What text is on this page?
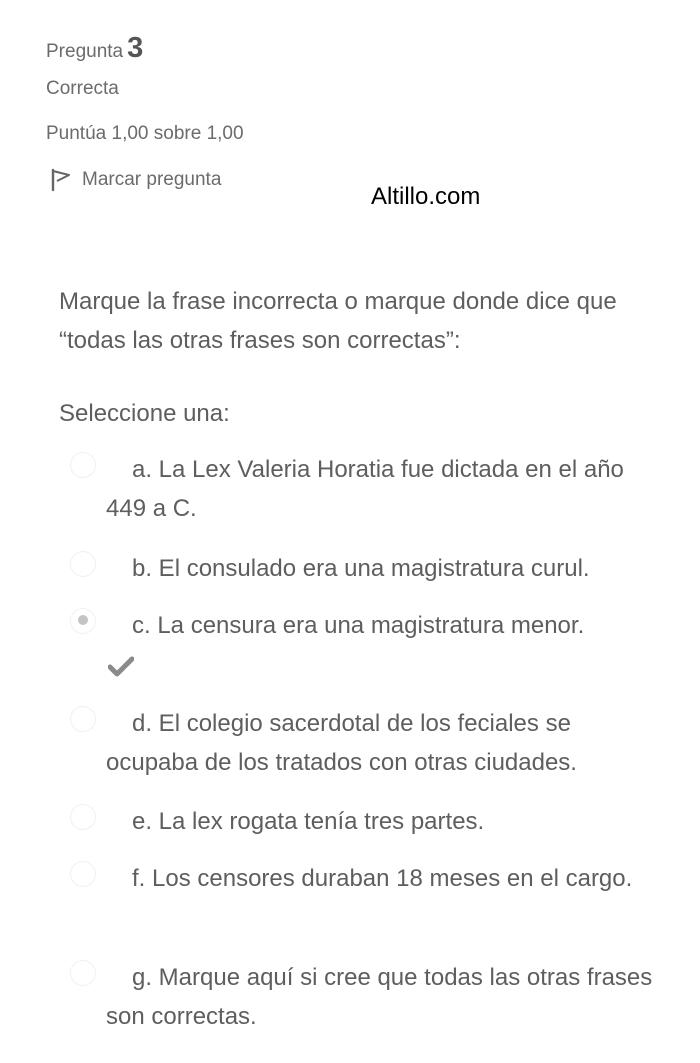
Pregunta 3
Correcta
Puntúa 1,00 sobre 1,00
Marcar pregunta
Altillo.com
Marque la frase incorrecta o marque donde dice que “todas las otras frases son correctas”:
Seleccione una:
a. La Lex Valeria Horatia fue dictada en el año 449 a C.
b. El consulado era una magistratura curul.
c. La censura era una magistratura menor.
d. El colegio sacerdotal de los feciales se ocupaba de los tratados con otras ciudades.
e. La lex rogata tenía tres partes.
f. Los censores duraban 18 meses en el cargo.
g. Marque aquí si cree que todas las otras frases son correctas.
